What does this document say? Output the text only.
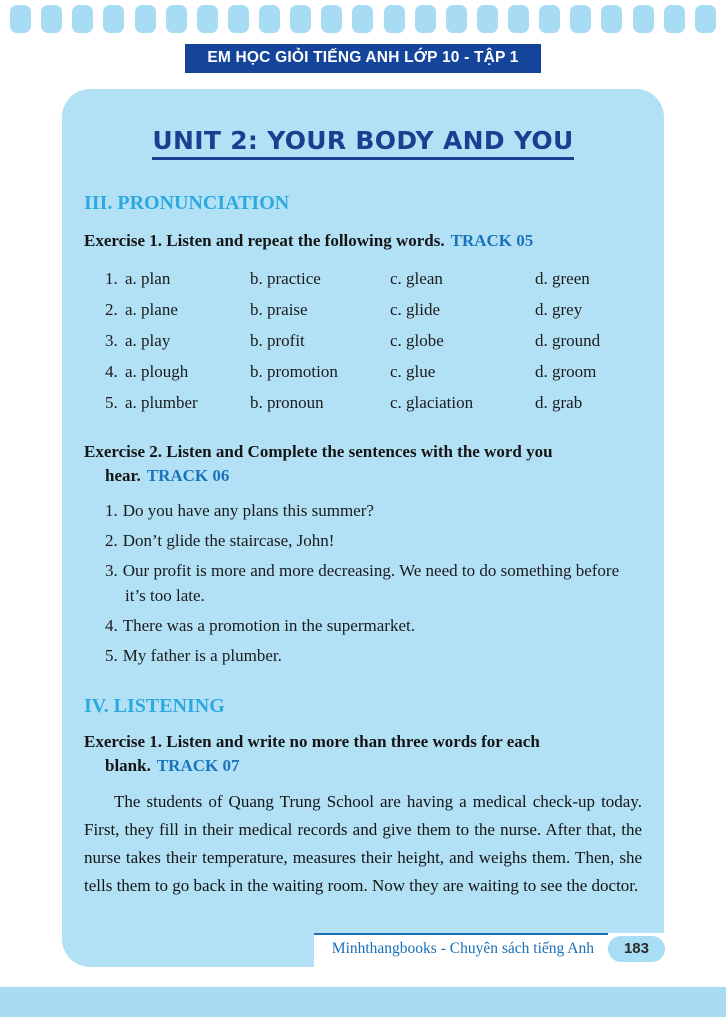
EM HỌC GIỎI TIẾNG ANH LỚP 10 - TẬP 1
UNIT 2: YOUR BODY AND YOU
III. PRONUNCIATION

Exercise 1. Listen and repeat the following words. TRACK 05

1. a. plan	b. practice	c. glean	d. green
2. a. plane	b. praise	c. glide	d. grey
3. a. play	b. profit	c. globe	d. ground
4. a. plough	b. promotion	c. glue	d. groom
5. a. plumber	b. pronoun	c. glaciation	d. grab

Exercise 2. Listen and Complete the sentences with the word you hear. TRACK 06

1. Do you have any plans this summer?
2. Don’t glide the staircase, John!
3. Our profit is more and more decreasing. We need to do something before it’s too late.
4. There was a promotion in the supermarket.
5. My father is a plumber.
IV. LISTENING

Exercise 1. Listen and write no more than three words for each blank. TRACK 07

The students of Quang Trung School are having a medical check-up today. First, they fill in their medical records and give them to the nurse. After that, the nurse takes their temperature, measures their height, and weighs them. Then, she tells them to go back in the waiting room. Now they are waiting to see the doctor.

Minhthangbooks - Chuyên sách tiếng Anh	183
